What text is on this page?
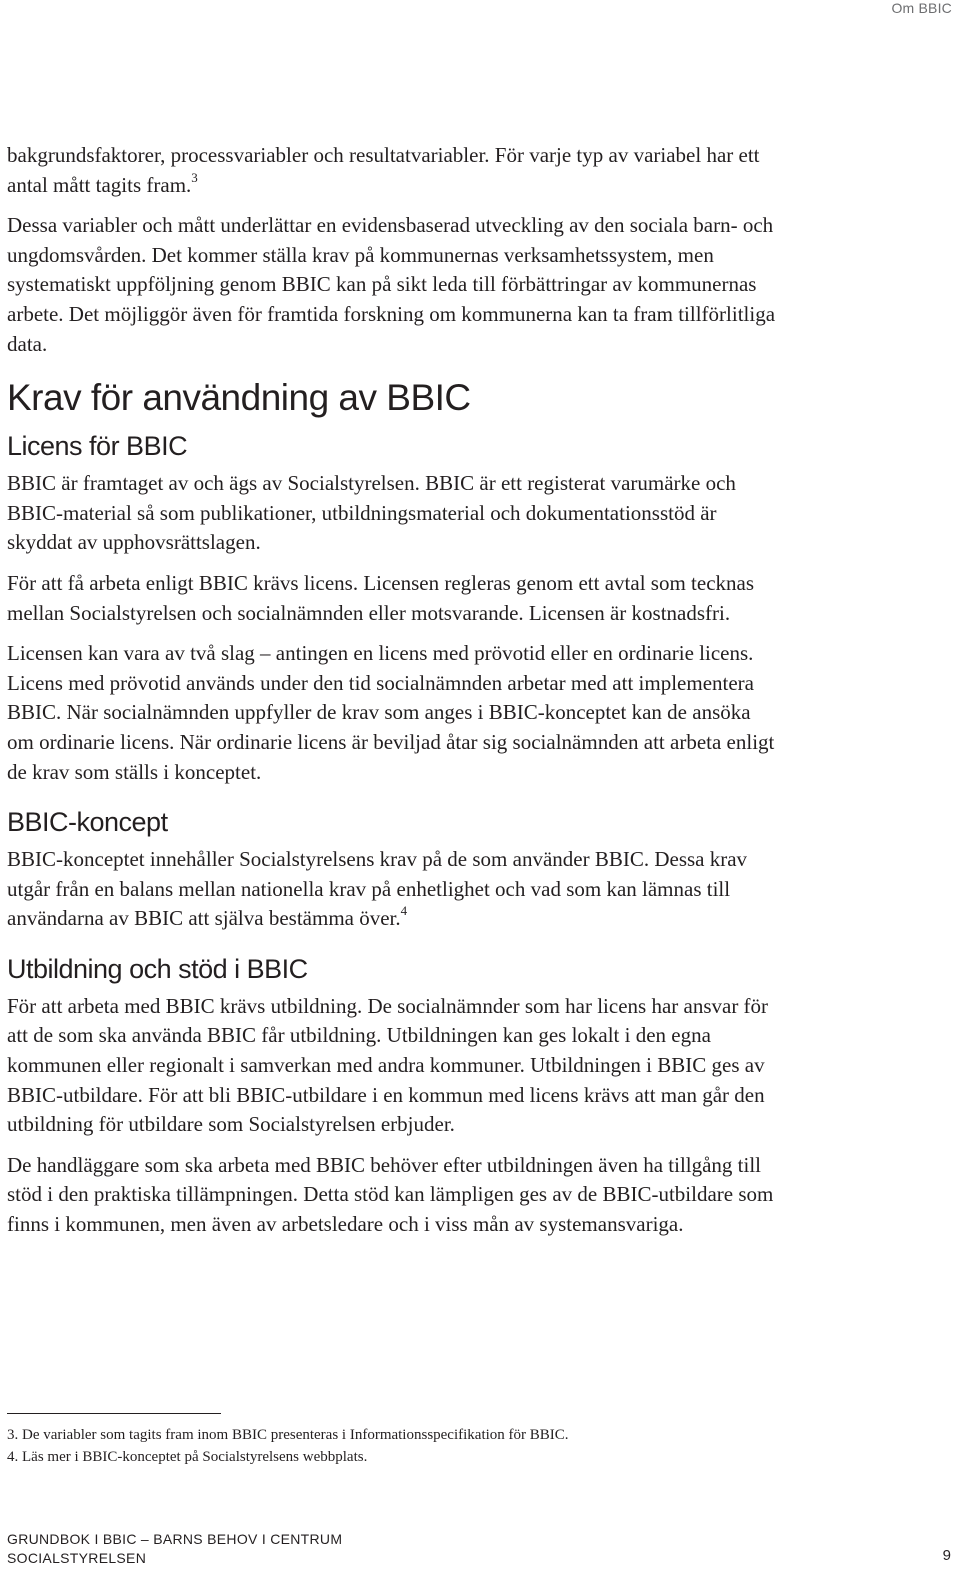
Om BBIC

bakgrundsfaktorer, processvariabler och resultatvariabler. För varje typ av variabel har ett antal mått tagits fram.$^3$

Dessa variabler och mått underlättar en evidensbaserad utveckling av den sociala barn- och ungdomsvården. Det kommer ställa krav på kommunernas verksamhetssystem, men systematiskt uppföljning genom BBIC kan på sikt leda till förbättringar av kommunernas arbete. Det möjliggör även för framtida forskning om kommunerna kan ta fram tillförlitliga data.

Krav för användning av BBIC
Licens för BBIC

BBIC är framtaget av och ägs av Socialstyrelsen. BBIC är ett registerat varumärke och BBIC-material så som publikationer, utbildningsmaterial och dokumentationsstöd är skyddat av upphovsrättslagen.

För att få arbeta enligt BBIC krävs licens. Licensen regleras genom ett avtal som tecknas mellan Socialstyrelsen och socialnämnden eller motsvarande. Licensen är kostnadsfri.

Licensen kan vara av två slag – antingen en licens med prövotid eller en ordinarie licens. Licens med prövotid används under den tid socialnämnden arbetar med att implementera BBIC. När socialnämnden uppfyller de krav som anges i BBIC-konceptet kan de ansöka om ordinarie licens. När ordinarie licens är beviljad åtar sig socialnämnden att arbeta enligt de krav som ställs i konceptet.

BBIC-koncept

BBIC-konceptet innehåller Socialstyrelsens krav på de som använder BBIC. Dessa krav utgår från en balans mellan nationella krav på enhetlighet och vad som kan lämnas till användarna av BBIC att själva bestämma över.$^4$

Utbildning och stöd i BBIC

För att arbeta med BBIC krävs utbildning. De socialnämnder som har licens har ansvar för att de som ska använda BBIC får utbildning. Utbildningen kan ges lokalt i den egna kommunen eller regionalt i samverkan med andra kommuner. Utbildningen i BBIC ges av BBIC-utbildare. För att bli BBIC-utbildare i en kommun med licens krävs att man går den utbildning för utbildare som Socialstyrelsen erbjuder.

De handläggare som ska arbeta med BBIC behöver efter utbildningen även ha tillgång till stöd i den praktiska tillämpningen. Detta stöd kan lämpligen ges av de BBIC-utbildare som finns i kommunen, men även av arbetsledare och i viss mån av systemansvariga.

3. De variabler som tagits fram inom BBIC presenteras i Informationsspecifikation för BBIC.
4. Läs mer i BBIC-konceptet på Socialstyrelsens webbplats.
GRUNDBOK I BBIC – BARNS BEHOV I CENTRUM
SOCIALSTYRELSEN	9
